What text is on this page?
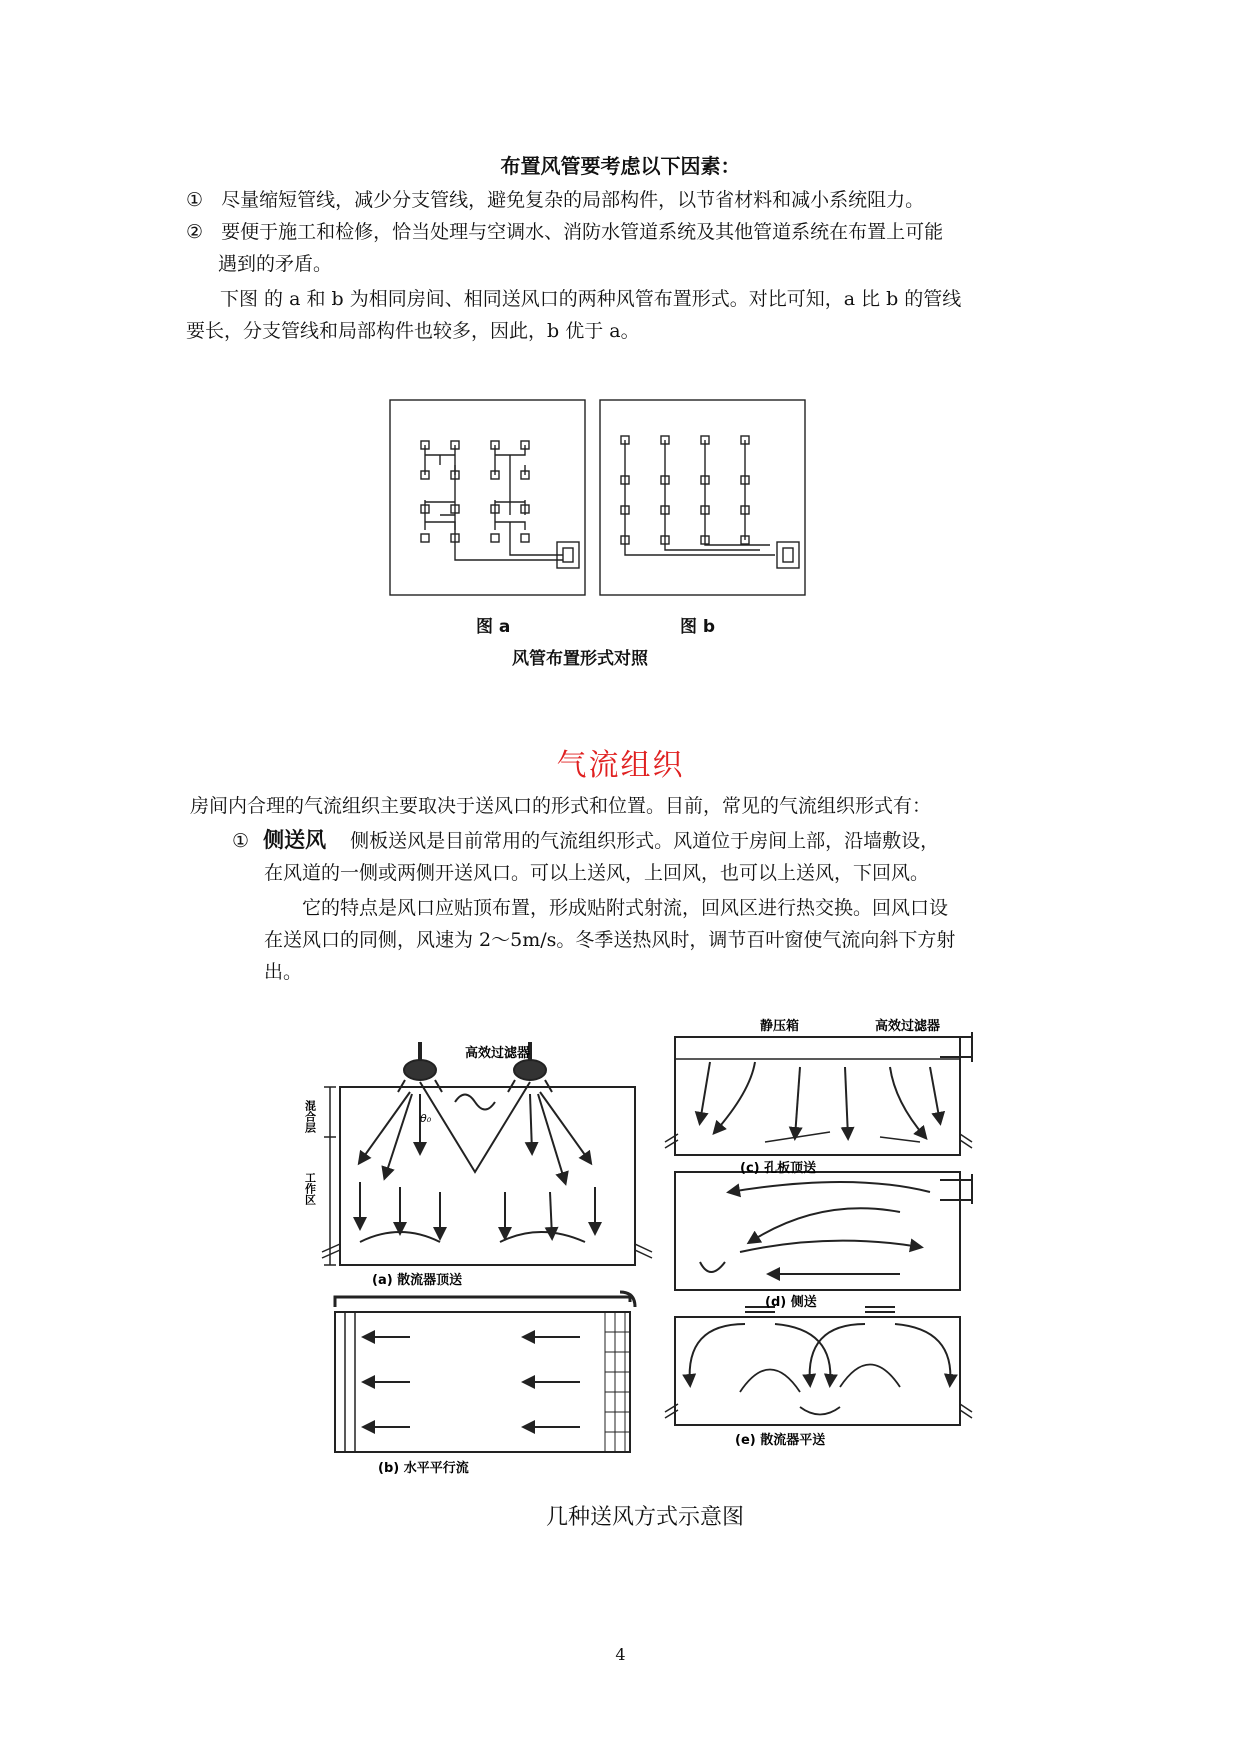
布置风管要考虑以下因素：
① 尽量缩短管线，减少分支管线，避免复杂的局部构件，以节省材料和减小系统阻力。
② 要便于施工和检修，恰当处理与空调水、消防水管道系统及其他管道系统在布置上可能
遇到的矛盾。
下图 的 a 和 b 为相同房间、相同送风口的两种风管布置形式。对比可知，a 比 b 的管线
要长，分支管线和局部构件也较多，因此，b 优于 a。
图 a	图 b
风管布置形式对照
气流组织
房间内合理的气流组织主要取决于送风口的形式和位置。目前，常见的气流组织形式有：
① 侧送风 侧板送风是目前常用的气流组织形式。风道位于房间上部，沿墙敷设，
在风道的一侧或两侧开送风口。可以上送风，上回风，也可以上送风，下回风。
它的特点是风口应贴顶布置，形成贴附式射流，回风区进行热交换。回风口设
在送风口的同侧，风速为 2～5m/s。冬季送热风时，调节百叶窗使气流向斜下方射
出。
高效过滤器
θ₀
混合层
工作区
(a) 散流器顶送
(b) 水平平行流
静压箱	高效过滤器
(c) 孔板顶送
(d) 侧送
(e) 散流器平送
几种送风方式示意图
4
